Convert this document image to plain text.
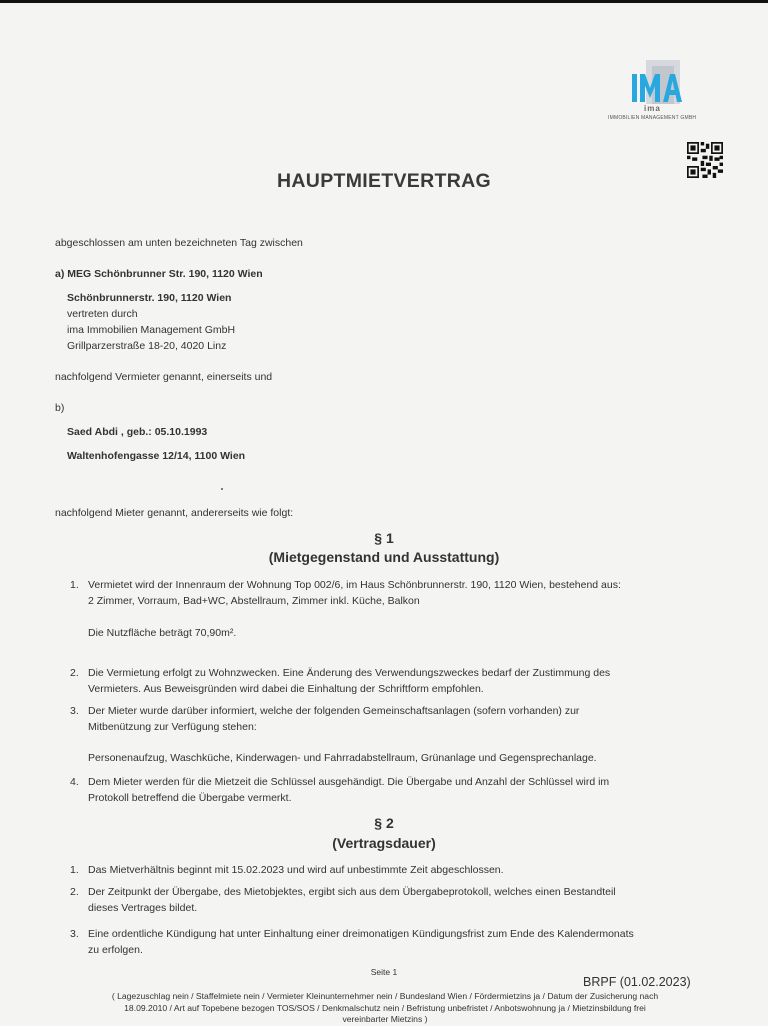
ima
IMMOBILIEN MANAGEMENT GMBH
HAUPTMIETVERTRAG
abgeschlossen am unten bezeichneten Tag zwischen
a) MEG Schönbrunner Str. 190, 1120 Wien
Schönbrunnerstr. 190, 1120 Wien
vertreten durch
ima Immobilien Management GmbH
Grillparzerstraße 18-20, 4020 Linz
nachfolgend Vermieter genannt, einerseits und
b)
Saed Abdi , geb.: 05.10.1993
Waltenhofengasse 12/14, 1100 Wien
nachfolgend Mieter genannt, andererseits wie folgt:
§ 1
(Mietgegenstand und Ausstattung)
1. Vermietet wird der Innenraum der Wohnung Top 002/6, im Haus Schönbrunnerstr. 190, 1120 Wien, bestehend aus:
2 Zimmer, Vorraum, Bad+WC, Abstellraum, Zimmer inkl. Küche, Balkon
Die Nutzfläche beträgt 70,90m².
2. Die Vermietung erfolgt zu Wohnzwecken. Eine Änderung des Verwendungszweckes bedarf der Zustimmung des
Vermieters. Aus Beweisgründen wird dabei die Einhaltung der Schriftform empfohlen.
3. Der Mieter wurde darüber informiert, welche der folgenden Gemeinschaftsanlagen (sofern vorhanden) zur
Mitbenützung zur Verfügung stehen:
Personenaufzug, Waschküche, Kinderwagen- und Fahrradabstellraum, Grünanlage und Gegensprechanlage.
4. Dem Mieter werden für die Mietzeit die Schlüssel ausgehändigt. Die Übergabe und Anzahl der Schlüssel wird im
Protokoll betreffend die Übergabe vermerkt.
§ 2
(Vertragsdauer)
1. Das Mietverhältnis beginnt mit 15.02.2023 und wird auf unbestimmte Zeit abgeschlossen.
2. Der Zeitpunkt der Übergabe, des Mietobjektes, ergibt sich aus dem Übergabeprotokoll, welches einen Bestandteil
dieses Vertrages bildet.
3. Eine ordentliche Kündigung hat unter Einhaltung einer dreimonatigen Kündigungsfrist zum Ende des Kalendermonats
zu erfolgen.
Seite 1
BRPF (01.02.2023)
( Lagezuschlag nein / Staffelmiete nein / Vermieter Kleinunternehmer nein / Bundesland Wien / Fördermietzins ja / Datum der Zusicherung nach
18.09.2010 / Art auf Topebene bezogen TOS/SOS / Denkmalschutz nein / Befristung unbefristet / Anbotswohnung ja / Mietzinsbildung frei
vereinbarter Mietzins )
